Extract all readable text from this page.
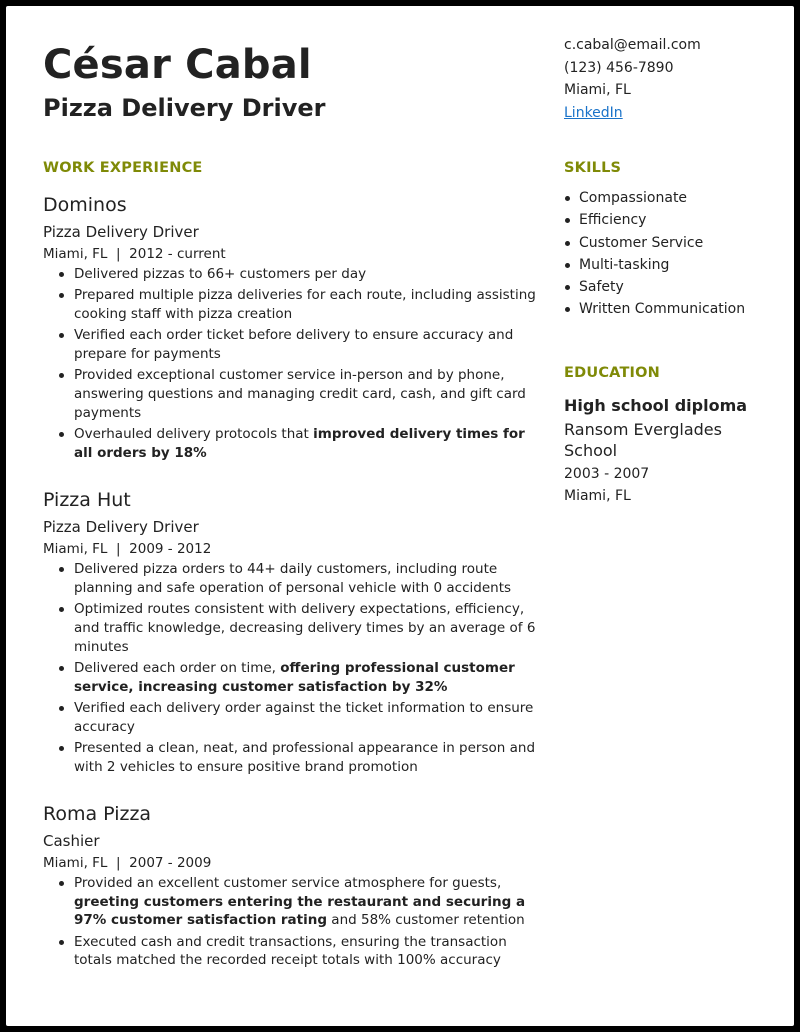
César Cabal
Pizza Delivery Driver
c.cabal@email.com
(123) 456-7890
Miami, FL
LinkedIn
WORK EXPERIENCE
Dominos
Pizza Delivery Driver
Miami, FL  |  2012 - current
Delivered pizzas to 66+ customers per day
Prepared multiple pizza deliveries for each route, including assisting cooking staff with pizza creation
Verified each order ticket before delivery to ensure accuracy and prepare for payments
Provided exceptional customer service in-person and by phone, answering questions and managing credit card, cash, and gift card payments
Overhauled delivery protocols that improved delivery times for all orders by 18%
Pizza Hut
Pizza Delivery Driver
Miami, FL  |  2009 - 2012
Delivered pizza orders to 44+ daily customers, including route planning and safe operation of personal vehicle with 0 accidents
Optimized routes consistent with delivery expectations, efficiency, and traffic knowledge, decreasing delivery times by an average of 6 minutes
Delivered each order on time, offering professional customer service, increasing customer satisfaction by 32%
Verified each delivery order against the ticket information to ensure accuracy
Presented a clean, neat, and professional appearance in person and with 2 vehicles to ensure positive brand promotion
Roma Pizza
Cashier
Miami, FL  |  2007 - 2009
Provided an excellent customer service atmosphere for guests, greeting customers entering the restaurant and securing a 97% customer satisfaction rating and 58% customer retention
Executed cash and credit transactions, ensuring the transaction totals matched the recorded receipt totals with 100% accuracy
SKILLS
Compassionate
Efficiency
Customer Service
Multi-tasking
Safety
Written Communication
EDUCATION
High school diploma
Ransom Everglades School
2003 - 2007
Miami, FL
